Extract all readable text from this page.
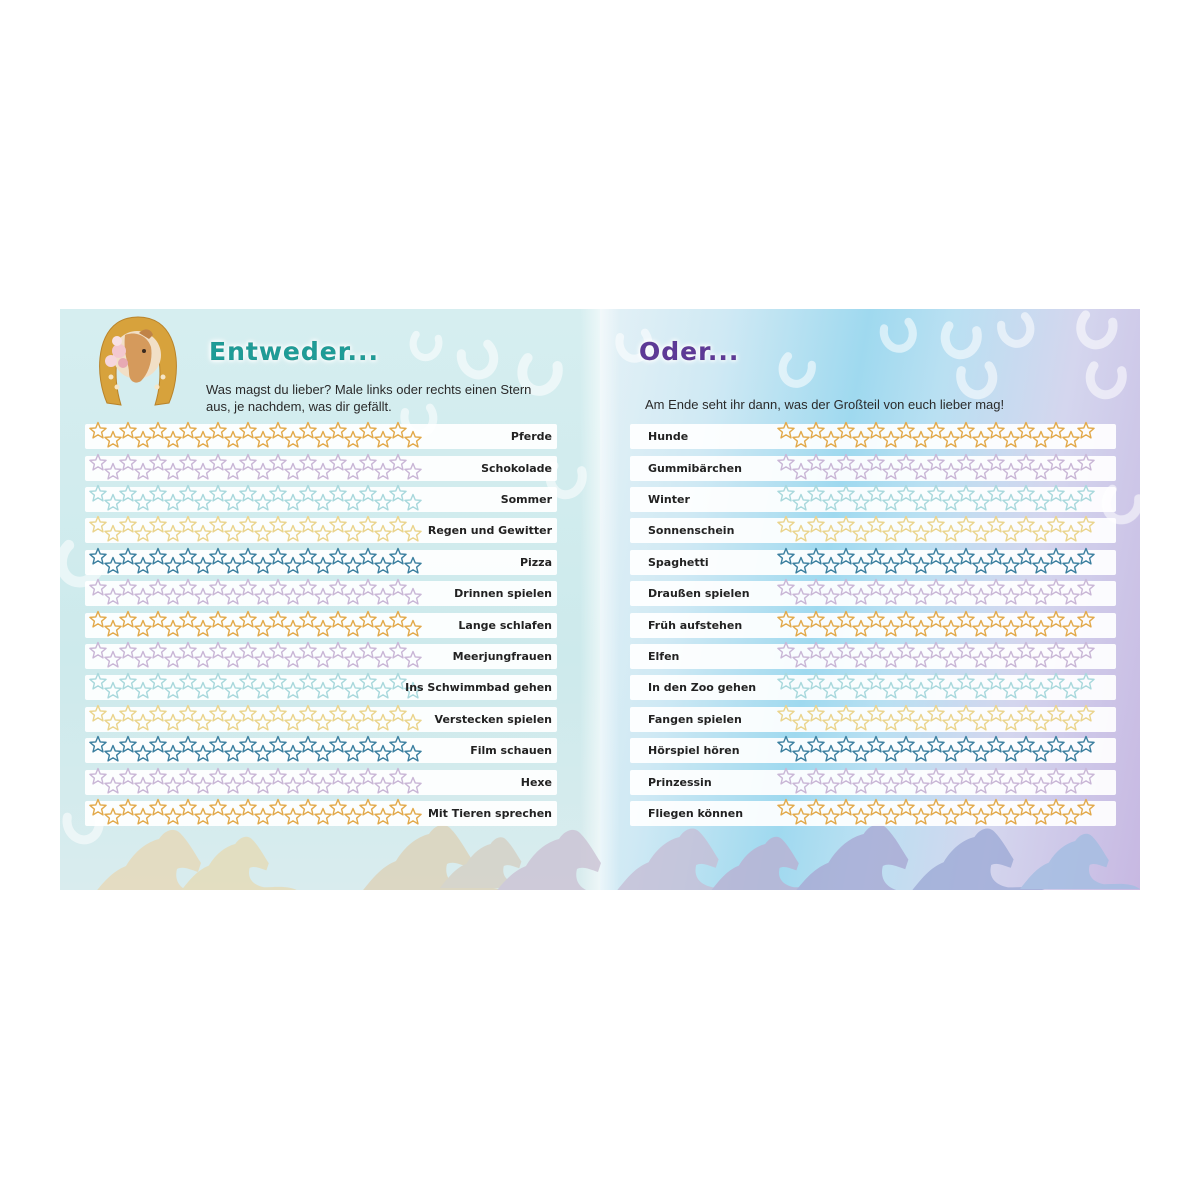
Entweder...	Oder...
Was magst du lieber? Male links oder rechts einen Stern aus, je nachdem, was dir gefällt.	Am Ende seht ihr dann, was der Großteil von euch lieber mag!
Pferde	Hunde
Schokolade	Gummibärchen
Sommer	Winter
Regen und Gewitter	Sonnenschein
Pizza	Spaghetti
Drinnen spielen	Draußen spielen
Lange schlafen	Früh aufstehen
Meerjungfrauen	Elfen
Ins Schwimmbad gehen	In den Zoo gehen
Verstecken spielen	Fangen spielen
Film schauen	Hörspiel hören
Hexe	Prinzessin
Mit Tieren sprechen	Fliegen können
